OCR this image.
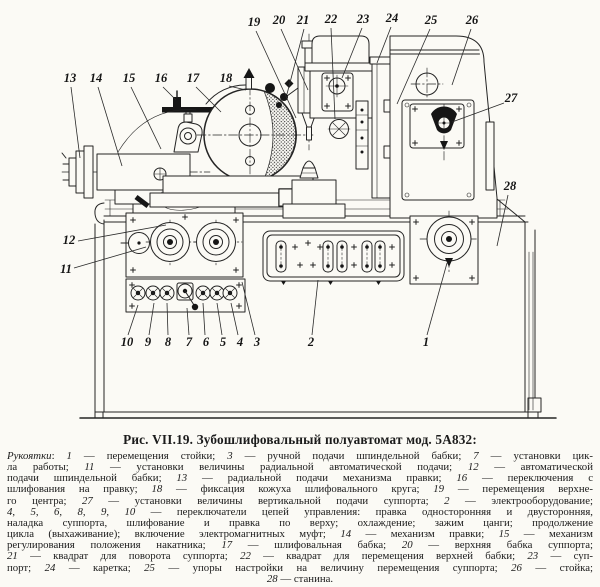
1
2
3
4
5
6
7
8
9
10
11
12
13 14 15 16 17 18
19 20 21 22 23 24 25 26
27
28
Рис. VII.19. Зубошлифовальный полуавтомат мод. 5А832:
Рукоятки: 1 — перемещения стойки; 3 — ручной подачи шпиндельной бабки; 7 — установки цик-
ла работы; 11 — установки величины радиальной автоматической подачи; 12 — автоматической
подачи шпиндельной бабки; 13 — радиальной подачи механизма правки; 16 — переключения с
шлифования на правку; 18 — фиксация кожуха шлифовального круга; 19 — перемещения верхне-
го центра; 27 — установки величины вертикальной подачи суппорта; 2 — электрооборудование;
4, 5, 6, 8, 9, 10 — переключатели цепей управления: правка односторонняя и двусторонняя,
наладка суппорта, шлифование и правка по верху; охлаждение; зажим цанги; продолжение
цикла (выхаживание); включение электромагнитных муфт; 14 — механизм правки; 15 — механизм
регулирования положения накатника; 17 — шлифовальная бабка; 20 — верхняя бабка суппорта;
21 — квадрат для поворота суппорта; 22 — квадрат для перемещения верхней бабки; 23 — суп-
порт; 24 — каретка; 25 — упоры настройки на величину перемещения суппорта; 26 — стойка;
28 — станина.
